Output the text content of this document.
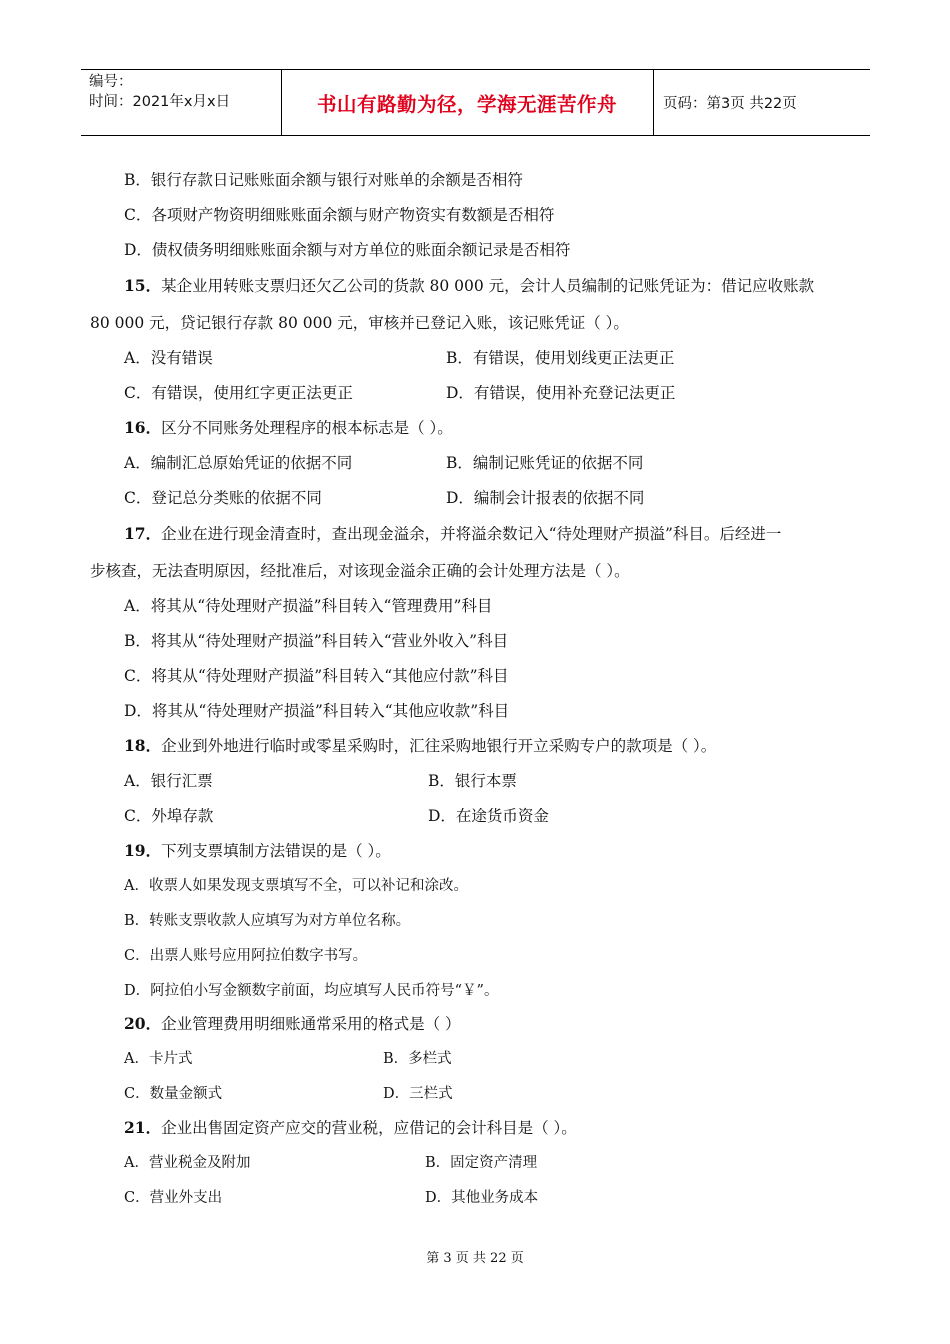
编号：
时间：2021年x月x日	书山有路勤为径，学海无涯苦作舟	页码：第3页 共22页
B．银行存款日记账账面余额与银行对账单的余额是否相符
C．各项财产物资明细账账面余额与财产物资实有数额是否相符
D．债权债务明细账账面余额与对方单位的账面余额记录是否相符
15．某企业用转账支票归还欠乙公司的货款 80 000 元，会计人员编制的记账凭证为：借记应收账款
80 000 元，贷记银行存款 80 000 元，审核并已登记入账，该记账凭证（ ）。
A．没有错误	B．有错误，使用划线更正法更正
C．有错误，使用红字更正法更正	D．有错误，使用补充登记法更正
16．区分不同账务处理程序的根本标志是（ ）。
A．编制汇总原始凭证的依据不同	B．编制记账凭证的依据不同
C．登记总分类账的依据不同	D．编制会计报表的依据不同
17．企业在进行现金清查时，查出现金溢余，并将溢余数记入“待处理财产损溢”科目。后经进一
步核查，无法查明原因，经批准后，对该现金溢余正确的会计处理方法是（ ）。
A．将其从“待处理财产损溢”科目转入“管理费用”科目
B．将其从“待处理财产损溢”科目转入“营业外收入”科目
C．将其从“待处理财产损溢”科目转入“其他应付款”科目
D．将其从“待处理财产损溢”科目转入“其他应收款”科目
18．企业到外地进行临时或零星采购时，汇往采购地银行开立采购专户的款项是（ ）。
A．银行汇票	B．银行本票
C．外埠存款	D．在途货币资金
19．下列支票填制方法错误的是（ ）。
A．收票人如果发现支票填写不全，可以补记和涂改。
B．转账支票收款人应填写为对方单位名称。
C．出票人账号应用阿拉伯数字书写。
D．阿拉伯小写金额数字前面，均应填写人民币符号“￥”。
20．企业管理费用明细账通常采用的格式是（ ）
A．卡片式	B．多栏式
C．数量金额式	D．三栏式
21．企业出售固定资产应交的营业税，应借记的会计科目是（ ）。
A．营业税金及附加	B．固定资产清理
C．营业外支出	D．其他业务成本
第 3 页 共 22 页
